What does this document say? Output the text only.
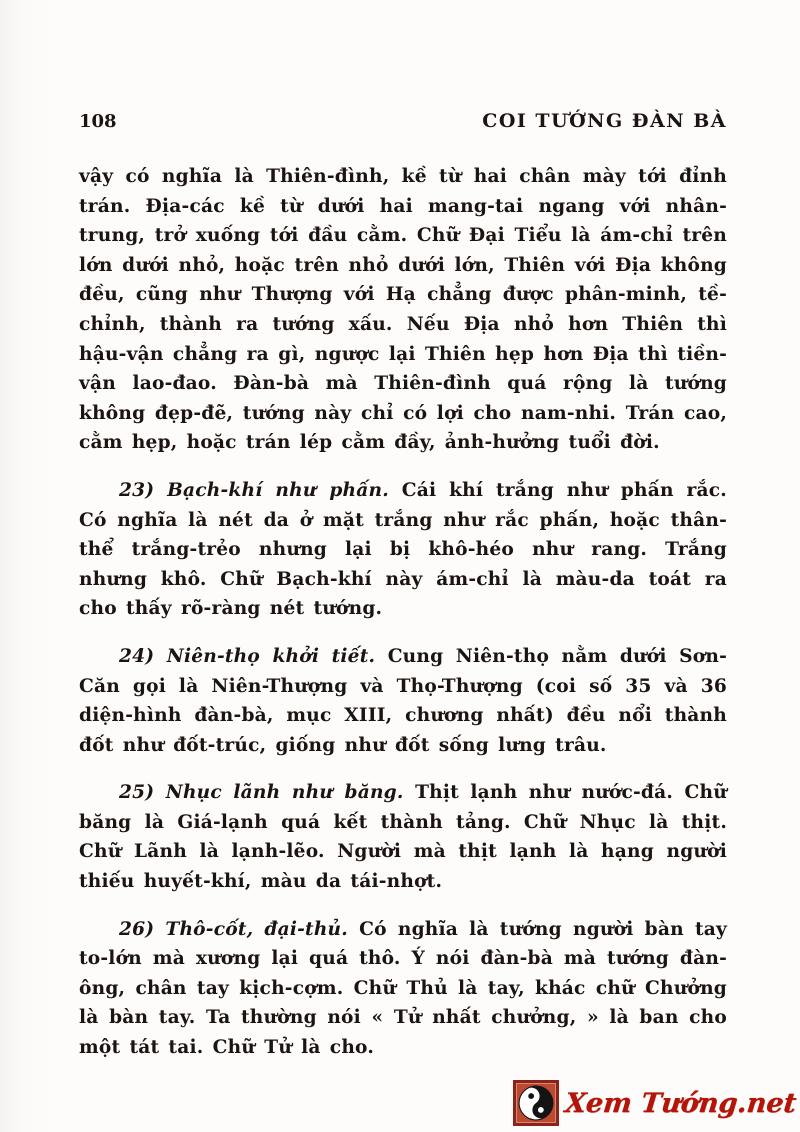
108	COI TƯỚNG ĐÀN BÀ

vậy có nghĩa là Thiên-đình, kề từ hai chân mày tới đỉnh trán. Địa-các kề từ dưới hai mang-tai ngang với nhân-trung, trở xuống tới đầu cằm. Chữ Đại Tiểu là ám-chỉ trên lớn dưới nhỏ, hoặc trên nhỏ dưới lớn, Thiên với Địa không đều, cũng như Thượng với Hạ chẳng được phân-minh, tề-chỉnh, thành ra tướng xấu. Nếu Địa nhỏ hơn Thiên thì hậu-vận chẳng ra gì, ngược lại Thiên hẹp hơn Địa thì tiền-vận lao-đao. Đàn-bà mà Thiên-đình quá rộng là tướng không đẹp-đẽ, tướng này chỉ có lợi cho nam-nhi. Trán cao, cằm hẹp, hoặc trán lép cằm đầy, ảnh-hưởng tuổi đời.

23) Bạch-khí như phấn. Cái khí trắng như phấn rắc. Có nghĩa là nét da ở mặt trắng như rắc phấn, hoặc thân-thể trắng-trẻo nhưng lại bị khô-héo như rang. Trắng nhưng khô. Chữ Bạch-khí này ám-chỉ là màu-da toát ra cho thấy rõ-ràng nét tướng.

24) Niên-thọ khởi tiết. Cung Niên-thọ nằm dưới Sơn-Căn gọi là Niên-Thượng và Thọ-Thượng (coi số 35 và 36 diện-hình đàn-bà, mục XIII, chương nhất) đều nổi thành đốt như đốt-trúc, giống như đốt sống lưng trâu.

25) Nhục lãnh như băng. Thịt lạnh như nước-đá. Chữ băng là Giá-lạnh quá kết thành tảng. Chữ Nhục là thịt. Chữ Lãnh là lạnh-lẽo. Người mà thịt lạnh là hạng người thiếu huyết-khí, màu da tái-nhợt.

26) Thô-cốt, đại-thủ. Có nghĩa là tướng người bàn tay to-lớn mà xương lại quá thô. Ý nói đàn-bà mà tướng đàn-ông, chân tay kịch-cợm. Chữ Thủ là tay, khác chữ Chưởng là bàn tay. Ta thường nói « Tử nhất chưởng, » là ban cho một tát tai. Chữ Tử là cho.

Xem Tướng.net
